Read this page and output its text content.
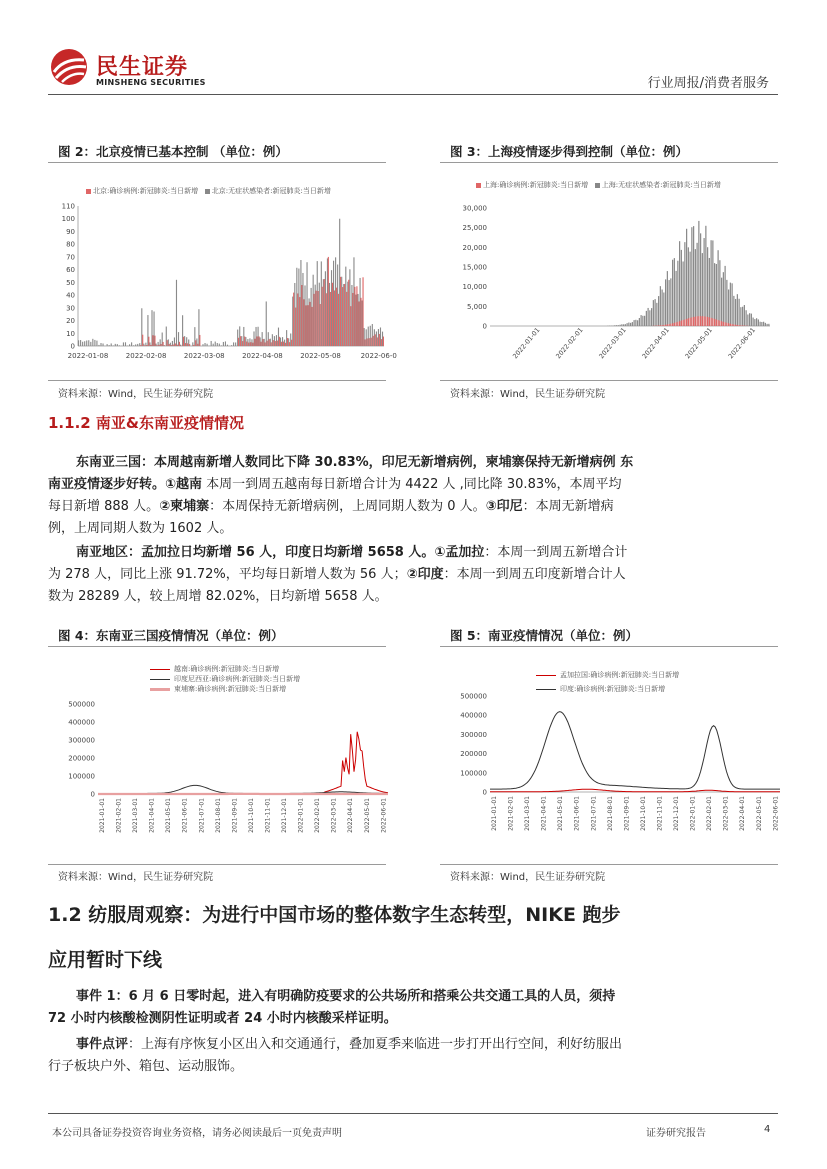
民生证券
MINSHENG SECURITIES	行业周报/消费者服务
图 2：北京疫情已基本控制 （单位：例）
北京:确诊病例:新冠肺炎:当日新增 北京:无症状感染者:新冠肺炎:当日新增
0
10
20
30
40
50
60
70
80
90
100
110
2022-01-08 2022-02-08 2022-03-08 2022-04-08 2022-05-08	2022-06-0
资料来源：Wind，民生证券研究院
图 3：上海疫情逐步得到控制（单位：例）
上海:确诊病例:新冠肺炎:当日新增 上海:无症状感染者:新冠肺炎:当日新增
0
5,000
10,000
15,000
20,000
25,000
30,000
2022-01-01 2022-02-01 2022-03-01 2022-04-01 2022-05-01 2022-06-01
资料来源：Wind，民生证券研究院
1.1.2 南亚&东南亚疫情情况
东南亚三国：本周越南新增人数同比下降 30.83%，印尼无新增病例，柬埔寨保持无新增病例 东南亚疫情逐步好转。①越南 本周一到周五越南每日新增合计为 4422 人 ,同比降 30.83%，本周平均每日新增 888 人。②柬埔寨：本周保持无新增病例，上周同期人数为 0 人。③印尼：本周无新增病例，上周同期人数为 1602 人。
南亚地区：孟加拉日均新增 56 人，印度日均新增 5658 人。①孟加拉：本周一到周五新增合计为 278 人，同比上涨 91.72%，平均每日新增人数为 56 人；②印度：本周一到周五印度新增合计人数为 28289 人，较上周增 82.02%，日均新增 5658 人。
图 4：东南亚三国疫情情况（单位：例）
越南:确诊病例:新冠肺炎:当日新增
印度尼西亚:确诊病例:新冠肺炎:当日新增
柬埔寨:确诊病例:新冠肺炎:当日新增
0
100000
200000
300000
400000
500000
2021-01-01 2021-02-01 2021-03-01 2021-04-01 2021-05-01 2021-06-01 2021-07-01 2021-08-01 2021-09-01 2021-10-01 2021-11-01 2021-12-01 2022-01-01 2022-02-01 2022-03-01 2022-04-01 2022-05-01 2022-06-01
资料来源：Wind，民生证券研究院
图 5：南亚疫情情况（单位：例）
孟加拉国:确诊病例:新冠肺炎:当日新增
印度:确诊病例:新冠肺炎:当日新增
0
100000
200000
300000
400000
500000
2021-01-01 2021-02-01 2021-03-01 2021-04-01 2021-05-01 2021-06-01 2021-07-01 2021-08-01 2021-09-01 2021-10-01 2021-11-01 2021-12-01 2022-01-01 2022-02-01 2022-03-01 2022-04-01 2022-05-01 2022-06-01
资料来源：Wind，民生证券研究院
1.2 纺服周观察：为进行中国市场的整体数字生态转型，NIKE 跑步
应用暂时下线
事件 1：6 月 6 日零时起，进入有明确防疫要求的公共场所和搭乘公共交通工具的人员，须持 72 小时内核酸检测阴性证明或者 24 小时内核酸采样证明。
事件点评：上海有序恢复小区出入和交通通行，叠加夏季来临进一步打开出行空间，利好纺服出行子板块户外、箱包、运动服饰。
本公司具备证券投资咨询业务资格，请务必阅读最后一页免责声明	证券研究报告	4
